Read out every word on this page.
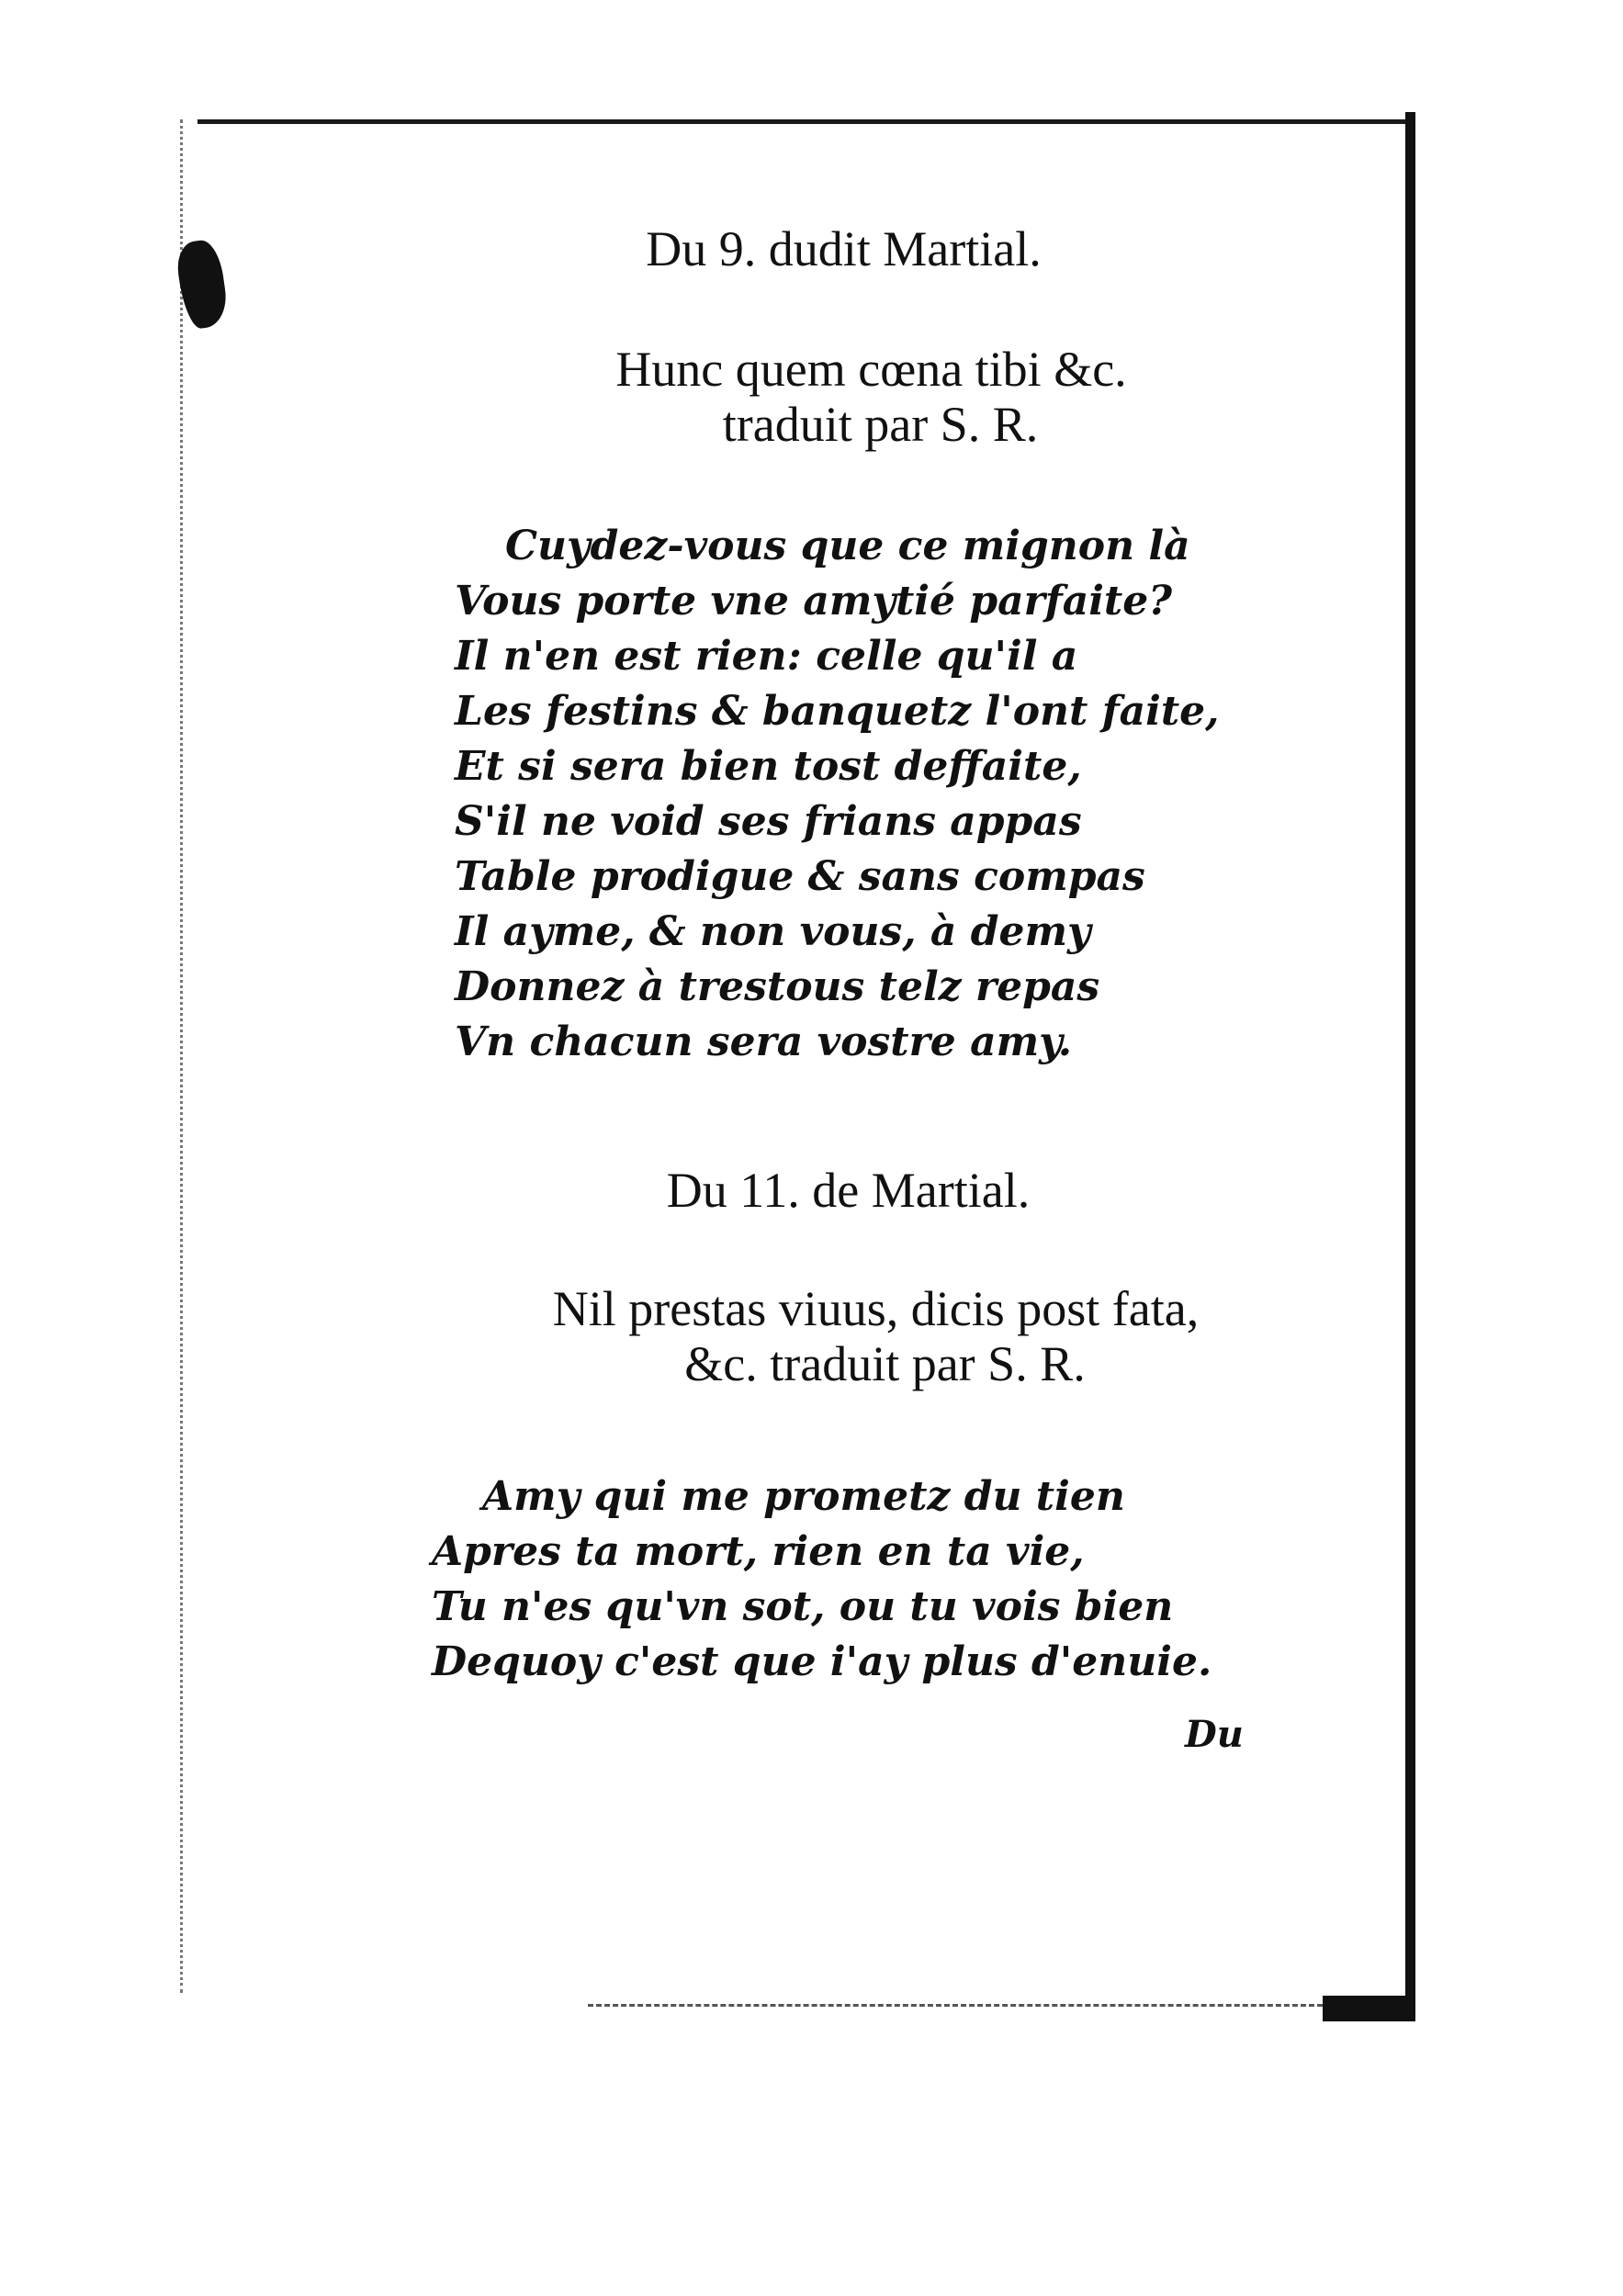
Du 9. dudit Martial.
Hunc quem cœna tibi &c.
traduit par S. R.
Cuydez-vous que ce mignon là
Vous porte vne amytié parfaite?
Il n'en est rien: celle qu'il a
Les festins & banquetz l'ont faite,
Et si sera bien tost deffaite,
S'il ne void ses frians appas
Table prodigue & sans compas
Il ayme, & non vous, à demy
Donnez à trestous telz repas
Vn chacun sera vostre amy.
Du 11. de Martial.
Nil prestas viuus, dicis post fata,
&c. traduit par S. R.
Amy qui me prometz du tien
Apres ta mort, rien en ta vie,
Tu n'es qu'vn sot, ou tu vois bien
Dequoy c'est que i'ay plus d'enuie.
Du
